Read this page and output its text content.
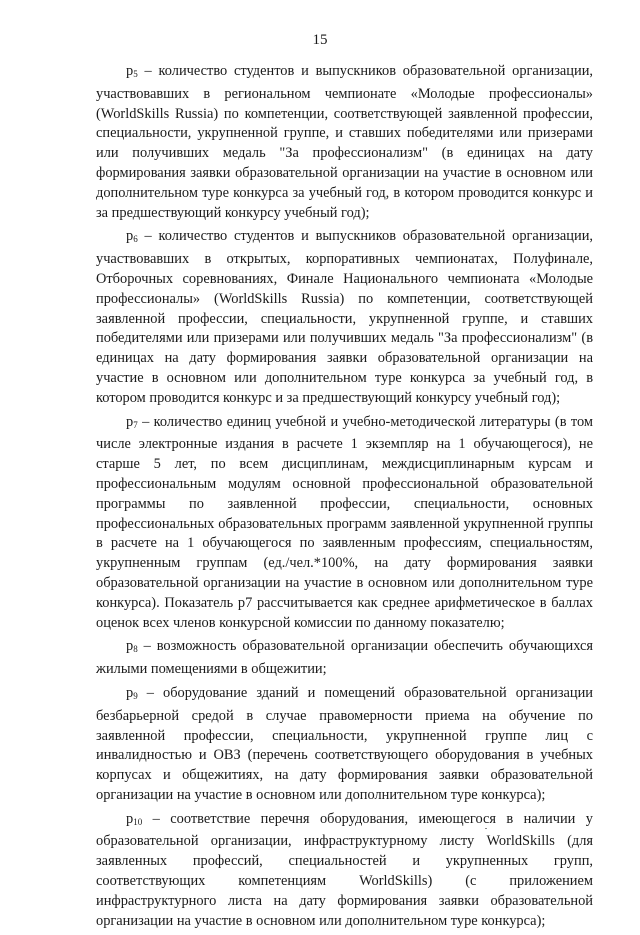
15

$p_5$ – количество студентов и выпускников образовательной организации, участвовавших в региональном чемпионате «Молодые профессионалы» (WorldSkills Russia) по компетенции, соответствующей заявленной профессии, специальности, укрупненной группе, и ставших победителями или призерами или получивших медаль "За профессионализм" (в единицах на дату формирования заявки образовательной организации на участие в основном или дополнительном туре конкурса за учебный год, в котором проводится конкурс и за предшествующий конкурсу учебный год);

$p_6$ – количество студентов и выпускников образовательной организации, участвовавших в открытых, корпоративных чемпионатах, Полуфинале, Отборочных соревнованиях, Финале Национального чемпионата «Молодые профессионалы» (WorldSkills Russia) по компетенции, соответствующей заявленной профессии, специальности, укрупненной группе, и ставших победителями или призерами или получивших медаль "За профессионализм" (в единицах на дату формирования заявки образовательной организации на участие в основном или дополнительном туре конкурса за учебный год, в котором проводится конкурс и за предшествующий конкурсу учебный год);

$p_7$ – количество единиц учебной и учебно-методической литературы (в том числе электронные издания в расчете 1 экземпляр на 1 обучающегося), не старше 5 лет, по всем дисциплинам, междисциплинарным курсам и профессиональным модулям основной профессиональной образовательной программы по заявленной профессии, специальности, основных профессиональных образовательных программ заявленной укрупненной группы в расчете на 1 обучающегося по заявленным профессиям, специальностям, укрупненным группам (ед./чел.*100%, на дату формирования заявки образовательной организации на участие в основном или дополнительном туре конкурса). Показатель p7 рассчитывается как среднее арифметическое в баллах оценок всех членов конкурсной комиссии по данному показателю;

$p_8$ – возможность образовательной организации обеспечить обучающихся жилыми помещениями в общежитии;

$p_9$ – оборудование зданий и помещений образовательной организации безбарьерной средой в случае правомерности приема на обучение по заявленной профессии, специальности, укрупненной группе лиц с инвалидностью и ОВЗ (перечень соответствующего оборудования в учебных корпусах и общежитиях, на дату формирования заявки образовательной организации на участие в основном или дополнительном туре конкурса);

$p_{10}$ – соответствие перечня оборудования, имеющегося в наличии у образовательной организации, инфраструктурному листу WorldSkills (для заявленных профессий, специальностей и укрупненных групп, соответствующих компетенциям WorldSkills) (с приложением инфраструктурного листа на дату формирования заявки образовательной организации на участие в основном или дополнительном туре конкурса);
